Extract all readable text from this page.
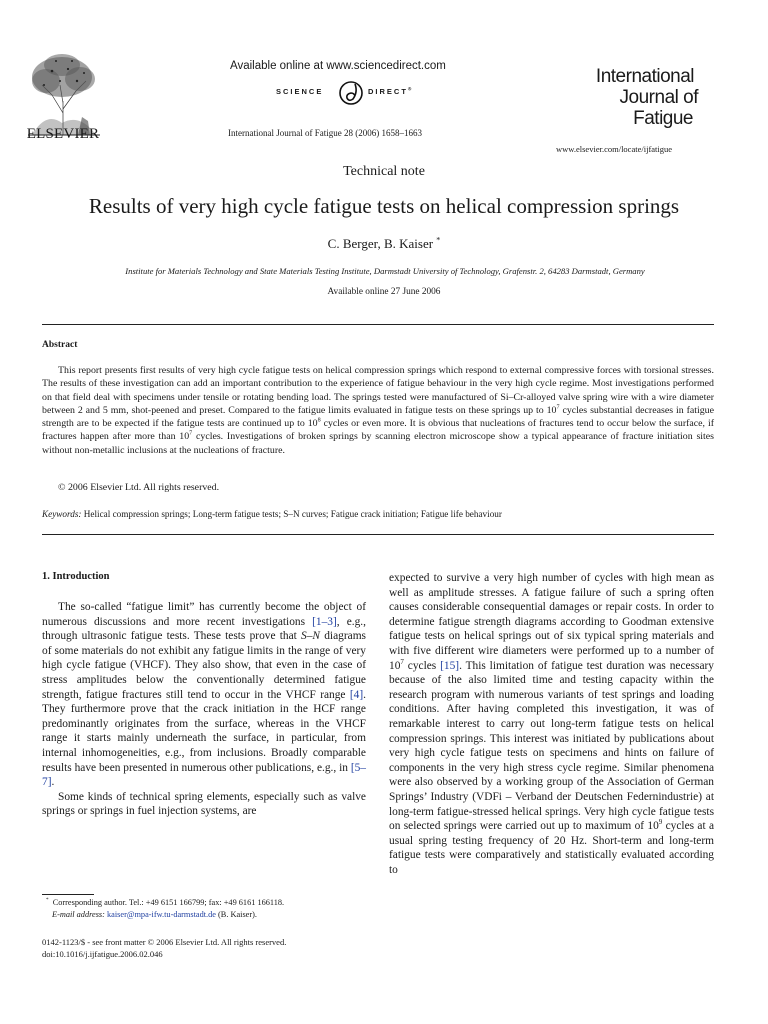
ELSEVIER
Available online at www.sciencedirect.com
SCIENCE	DIRECT®
International Journal of Fatigue 28 (2006) 1658–1663
International
Journal of
Fatigue
www.elsevier.com/locate/ijfatigue
Technical note
Results of very high cycle fatigue tests on helical compression springs
C. Berger, B. Kaiser *
Institute for Materials Technology and State Materials Testing Institute, Darmstadt University of Technology, Grafenstr. 2, 64283 Darmstadt, Germany
Available online 27 June 2006
Abstract
This report presents first results of very high cycle fatigue tests on helical compression springs which respond to external compressive forces with torsional stresses. The results of these investigation can add an important contribution to the experience of fatigue behaviour in the very high cycle regime. Most investigations performed on that field deal with specimens under tensile or rotating bending load. The springs tested were manufactured of Si–Cr-alloyed valve spring wire with a wire diameter between 2 and 5 mm, shot-peened and preset. Compared to the fatigue limits evaluated in fatigue tests on these springs up to $10^7$ cycles substantial decreases in fatigue strength are to be expected if the fatigue tests are continued up to $10^8$ cycles or even more. It is obvious that nucleations of fractures tend to occur below the surface, if fractures happen after more than $10^7$ cycles. Investigations of broken springs by scanning electron microscope show a typical appearance of fracture initiation sites without non-metallic inclusions at the nucleations of fracture.
© 2006 Elsevier Ltd. All rights reserved.
Keywords: Helical compression springs; Long-term fatigue tests; S–N curves; Fatigue crack initiation; Fatigue life behaviour
1. Introduction

The so-called “fatigue limit” has currently become the object of numerous discussions and more recent investigations [1–3], e.g., through ultrasonic fatigue tests. These tests prove that S–N diagrams of some materials do not exhibit any fatigue limits in the range of very high cycle fatigue (VHCF). They also show, that even in the case of stress amplitudes below the conventionally determined fatigue strength, fatigue fractures still tend to occur in the VHCF range [4]. They furthermore prove that the crack initiation in the HCF range predominantly originates from the surface, whereas in the VHCF range it starts mainly underneath the surface, in particular, from internal inhomogeneities, e.g., from inclusions. Broadly comparable results have been presented in numerous other publications, e.g., in [5–7].

Some kinds of technical spring elements, especially such as valve springs or springs in fuel injection systems, are

expected to survive a very high number of cycles with high mean as well as amplitude stresses. A fatigue failure of such a spring often causes considerable consequential damages or repair costs. In order to determine fatigue strength diagrams according to Goodman extensive fatigue tests on helical springs out of six typical spring materials and with five different wire diameters were performed up to a number of $10^7$ cycles [15]. This limitation of fatigue test duration was necessary because of the also limited time and testing capacity within the research program with numerous variants of test springs and loading conditions. After having completed this investigation, it was of remarkable interest to carry out long-term fatigue tests on helical compression springs. This interest was initiated by publications about very high cycle fatigue tests on specimens and hints on failure of components in the very high stress cycle regime. Similar phenomena were also observed by a working group of the Association of German Springs’ Industry (VDFi – Verband der Deutschen Federnindustrie) at long-term fatigue-stressed helical springs. Very high cycle fatigue tests on selected springs were carried out up to maximum of $10^9$ cycles at a usual spring testing frequency of 20 Hz. Short-term and long-term fatigue tests were comparatively and statistically evaluated according to

* Corresponding author. Tel.: +49 6151 166799; fax: +49 6161 166118.
E-mail address: kaiser@mpa-ifw.tu-darmstadt.de (B. Kaiser).
0142-1123/$ - see front matter © 2006 Elsevier Ltd. All rights reserved.
doi:10.1016/j.ijfatigue.2006.02.046
